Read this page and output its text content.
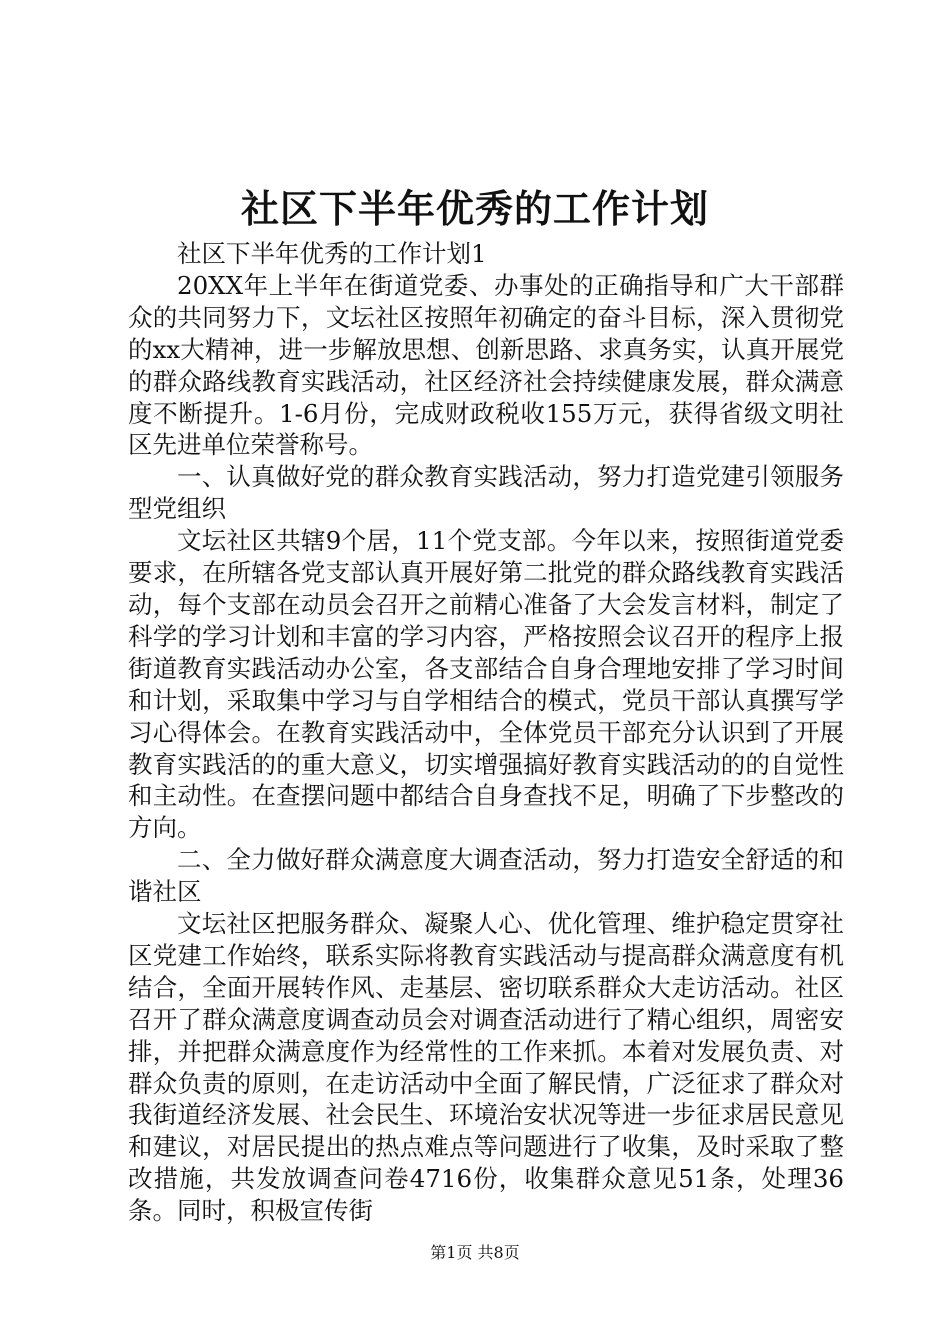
社区下半年优秀的工作计划

社区下半年优秀的工作计划1

20XX年上半年在街道党委、办事处的正确指导和广大干部群众的共同努力下，文坛社区按照年初确定的奋斗目标，深入贯彻党的xx大精神，进一步解放思想、创新思路、求真务实，认真开展党的群众路线教育实践活动，社区经济社会持续健康发展，群众满意度不断提升。1-6月份，完成财政税收155万元，获得省级文明社区先进单位荣誉称号。

一、认真做好党的群众教育实践活动，努力打造党建引领服务型党组织

文坛社区共辖9个居，11个党支部。今年以来，按照街道党委要求，在所辖各党支部认真开展好第二批党的群众路线教育实践活动，每个支部在动员会召开之前精心准备了大会发言材料，制定了科学的学习计划和丰富的学习内容，严格按照会议召开的程序上报街道教育实践活动办公室，各支部结合自身合理地安排了学习时间和计划，采取集中学习与自学相结合的模式，党员干部认真撰写学习心得体会。在教育实践活动中，全体党员干部充分认识到了开展教育实践活的的重大意义，切实增强搞好教育实践活动的的自觉性和主动性。在查摆问题中都结合自身查找不足，明确了下步整改的方向。

二、全力做好群众满意度大调查活动，努力打造安全舒适的和谐社区

文坛社区把服务群众、凝聚人心、优化管理、维护稳定贯穿社区党建工作始终，联系实际将教育实践活动与提高群众满意度有机结合，全面开展转作风、走基层、密切联系群众大走访活动。社区召开了群众满意度调查动员会对调查活动进行了精心组织，周密安排，并把群众满意度作为经常性的工作来抓。本着对发展负责、对群众负责的原则，在走访活动中全面了解民情，广泛征求了群众对我街道经济发展、社会民生、环境治安状况等进一步征求居民意见和建议，对居民提出的热点难点等问题进行了收集，及时采取了整改措施，共发放调查问卷4716份，收集群众意见51条，处理36条。同时，积极宣传街

第1页 共8页
